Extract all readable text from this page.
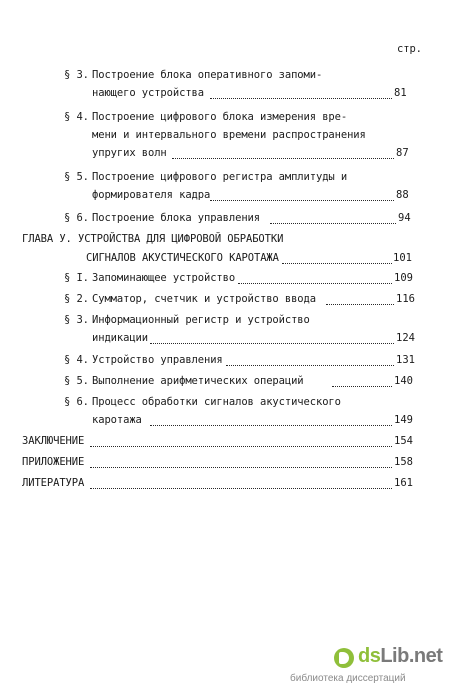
стр.
§ 3. Построение блока оперативного запоми-
нающего устройства	81
§ 4. Построение цифрового блока измерения вре-
мени и интервального времени распространения
упругих волн	87
§ 5. Построение цифрового регистра амплитуды и
формирователя кадра	88
§ 6. Построение блока управления	94
ГЛАВА У. УСТРОЙСТВА ДЛЯ ЦИФРОВОЙ ОБРАБОТКИ
СИГНАЛОВ АКУСТИЧЕСКОГО КАРОТАЖА	101
§ I. Запоминающее устройство	109
§ 2. Сумматор, счетчик и устройство ввода	116
§ 3. Информационный регистр и устройство
индикации	124
§ 4. Устройство управления	131
§ 5. Выполнение арифметических операций	140
§ 6. Процесс обработки сигналов акустического
каротажа	149
ЗАКЛЮЧЕНИЕ	154
ПРИЛОЖЕНИЕ	158
ЛИТЕРАТУРА	161
dsLib.net
библиотека диссертаций
